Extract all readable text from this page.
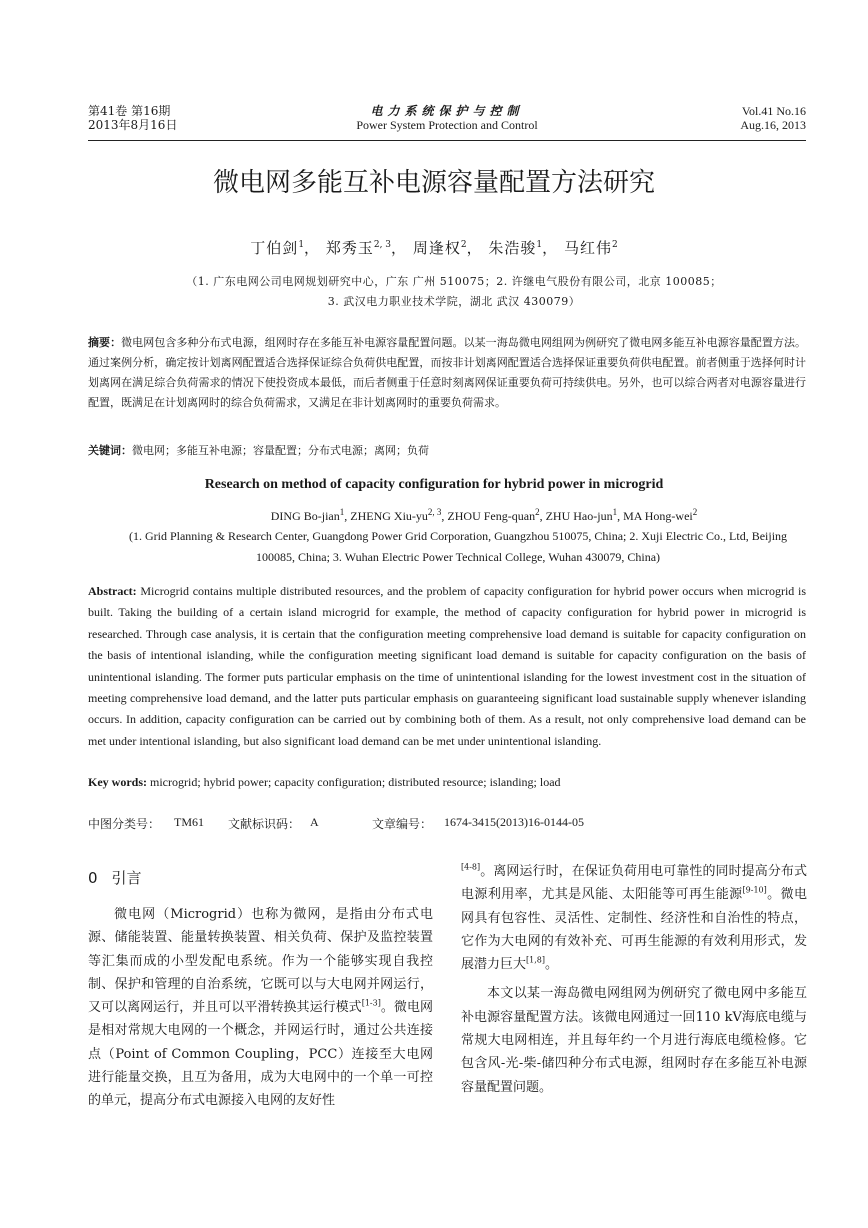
第41卷 第16期
2013年8月16日
电力系统保护与控制
Power System Protection and Control
Vol.41 No.16
Aug.16, 2013
微电网多能互补电源容量配置方法研究
丁伯剑$^1$， 郑秀玉$^{2, 3}$， 周逢权$^2$， 朱浩骏$^1$， 马红伟$^2$
（1. 广东电网公司电网规划研究中心，广东 广州 510075；2. 许继电气股份有限公司，北京 100085；
3. 武汉电力职业技术学院，湖北 武汉 430079）
摘要：微电网包含多种分布式电源，组网时存在多能互补电源容量配置问题。以某一海岛微电网组网为例研究了微电网多能互补电源容量配置方法。通过案例分析，确定按计划离网配置适合选择保证综合负荷供电配置，而按非计划离网配置适合选择保证重要负荷供电配置。前者侧重于选择何时计划离网在满足综合负荷需求的情况下使投资成本最低，而后者侧重于任意时刻离网保证重要负荷可持续供电。另外，也可以综合两者对电源容量进行配置，既满足在计划离网时的综合负荷需求，又满足在非计划离网时的重要负荷需求。
关键词：微电网；多能互补电源；容量配置；分布式电源；离网；负荷
Research on method of capacity configuration for hybrid power in microgrid
DING Bo-jian$^1$, ZHENG Xiu-yu$^{2, 3}$, ZHOU Feng-quan$^2$, ZHU Hao-jun$^1$, MA Hong-wei$^2$
(1. Grid Planning & Research Center, Guangdong Power Grid Corporation, Guangzhou 510075, China; 2. Xuji Electric Co., Ltd, Beijing 100085, China; 3. Wuhan Electric Power Technical College, Wuhan 430079, China)
Abstract: Microgrid contains multiple distributed resources, and the problem of capacity configuration for hybrid power occurs when microgrid is built. Taking the building of a certain island microgrid for example, the method of capacity configuration for hybrid power in microgrid is researched. Through case analysis, it is certain that the configuration meeting comprehensive load demand is suitable for capacity configuration on the basis of intentional islanding, while the configuration meeting significant load demand is suitable for capacity configuration on the basis of unintentional islanding. The former puts particular emphasis on the time of unintentional islanding for the lowest investment cost in the situation of meeting comprehensive load demand, and the latter puts particular emphasis on guaranteeing significant load sustainable supply whenever islanding occurs. In addition, capacity configuration can be carried out by combining both of them. As a result, not only comprehensive load demand can be met under intentional islanding, but also significant load demand can be met under unintentional islanding.
Key words: microgrid; hybrid power; capacity configuration; distributed resource; islanding; load
中图分类号： TM61 文献标识码： A	文章编号： 1674-3415(2013)16-0144-05
0 引言

微电网（Microgrid）也称为微网，是指由分布式电源、储能装置、能量转换装置、相关负荷、保护及监控装置等汇集而成的小型发配电系统。作为一个能够实现自我控制、保护和管理的自治系统，它既可以与大电网并网运行，又可以离网运行，并且可以平滑转换其运行模式[1-3]。微电网是相对常规大电网的一个概念，并网运行时，通过公共连接点（Point of Common Coupling，PCC）连接至大电网进行能量交换，且互为备用，成为大电网中的一个单一可控的单元，提高分布式电源接入电网的友好性

[4-8]。离网运行时，在保证负荷用电可靠性的同时提高分布式电源利用率，尤其是风能、太阳能等可再生能源[9-10]。微电网具有包容性、灵活性、定制性、经济性和自治性的特点，它作为大电网的有效补充、可再生能源的有效利用形式，发展潜力巨大[1,8]。

本文以某一海岛微电网组网为例研究了微电网中多能互补电源容量配置方法。该微电网通过一回110 kV海底电缆与常规大电网相连，并且每年约一个月进行海底电缆检修。它包含风-光-柴-储四种分布式电源，组网时存在多能互补电源容量配置问题。
